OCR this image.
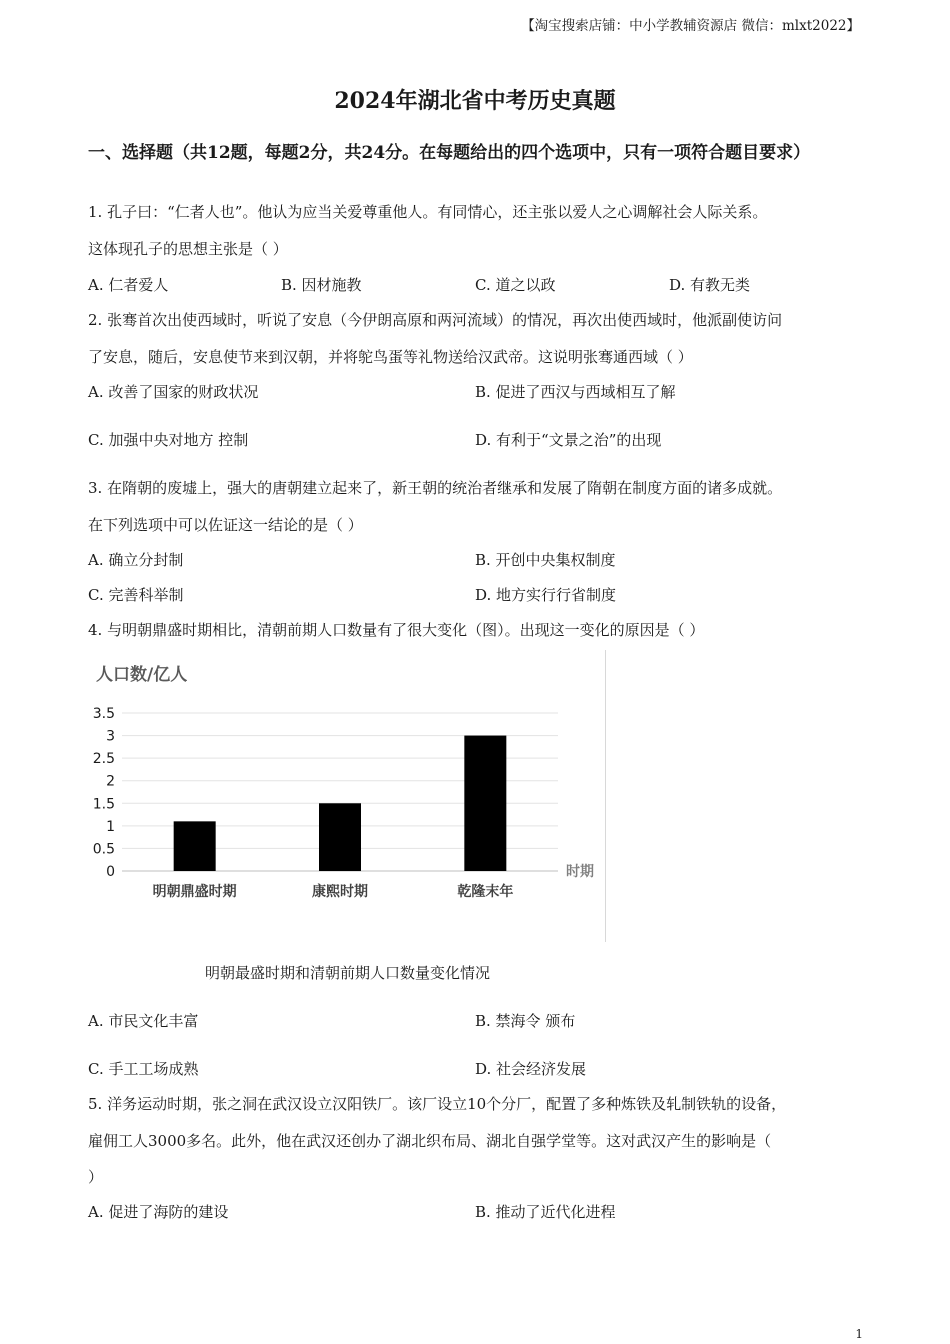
【淘宝搜索店铺：中小学教辅资源店 微信：mlxt2022】
2024年湖北省中考历史真题
一、选择题（共12题，每题2分，共24分。在每题给出的四个选项中，只有一项符合题目要求）
1. 孔子曰：“仁者人也”。他认为应当关爱尊重他人。有同情心，还主张以爱人之心调解社会人际关系。
这体现孔子的思想主张是（ ）
A. 仁者爱人	B. 因材施教	C. 道之以政	D. 有教无类
2. 张骞首次出使西域时，听说了安息（今伊朗高原和两河流域）的情况，再次出使西域时，他派副使访问
了安息，随后，安息使节来到汉朝，并将鸵鸟蛋等礼物送给汉武帝。这说明张骞通西域（ ）
A. 改善了国家的财政状况	B. 促进了西汉与西域相互了解
C. 加强中央对地方 控制	D. 有利于“文景之治”的出现
3. 在隋朝的废墟上，强大的唐朝建立起来了，新王朝的统治者继承和发展了隋朝在制度方面的诸多成就。
在下列选项中可以佐证这一结论的是（ ）
A. 确立分封制	B. 开创中央集权制度
C. 完善科举制	D. 地方实行行省制度
4. 与明朝鼎盛时期相比，清朝前期人口数量有了很大变化（图）。出现这一变化的原因是（ ）
人口数/亿人
0
0.5
1
1.5
2
2.5
3
3.5
明朝鼎盛时期	康熙时期	乾隆末年
时期
明朝最盛时期和清朝前期人口数量变化情况
A. 市民文化丰富	B. 禁海令 颁布
C. 手工工场成熟	D. 社会经济发展
5. 洋务运动时期，张之洞在武汉设立汉阳铁厂。该厂设立10个分厂，配置了多种炼铁及轧制铁轨的设备，
雇佣工人3000多名。此外，他在武汉还创办了湖北织布局、湖北自强学堂等。这对武汉产生的影响是（
）
A. 促进了海防的建设	B. 推动了近代化进程
1
